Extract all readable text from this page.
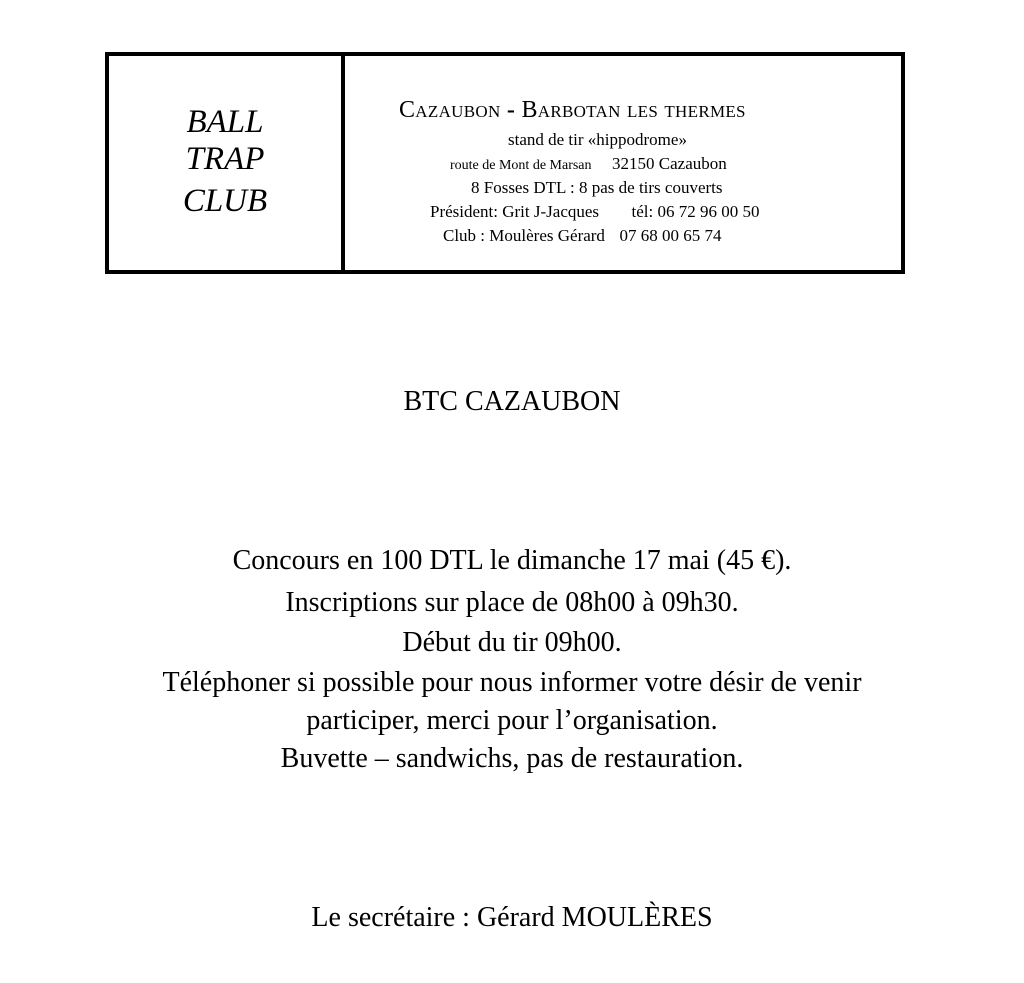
BALL
TRAP
CLUB
Cazaubon - Barbotan les thermes
stand de tir «hippodrome»
route de Mont de Marsan 32150 Cazaubon
8 Fosses DTL : 8 pas de tirs couverts
Président: Grit J-Jacques tél: 06 72 96 00 50
Club : Moulères Gérard 07 68 00 65 74
BTC CAZAUBON
Concours en 100 DTL le dimanche 17 mai (45 €).
Inscriptions sur place de 08h00 à 09h30.
Début du tir 09h00.
Téléphoner si possible pour nous informer votre désir de venir
participer, merci pour l’organisation.
Buvette – sandwichs, pas de restauration.
Le secrétaire : Gérard MOULÈRES
